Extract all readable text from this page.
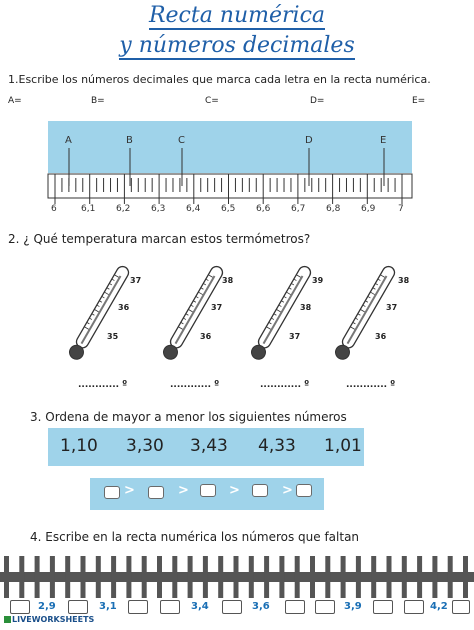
Recta numérica
y números decimales
1.Escribe los números decimales que marca cada letra en la recta numérica.
A=	B=	C=	D=	E=
A	B	C	D	E
6	6,1 6,2 6,3 6,4 6,5 6,6 6,7 6,8 6,9	7
2. ¿ Qué temperatura marcan estos termómetros?
37
36
35
38
37
36
39
38
37
38
37
36
............ º	............ º	............ º	............ º
3. Ordena de mayor a menor los siguientes números
1,10 3,30 3,43 4,33 1,01
>	>	>	>
4. Escribe en la recta numérica los números que faltan
2,9	3,1	3,4	3,6	3,9	4,2
LIVEWORKSHEETS
